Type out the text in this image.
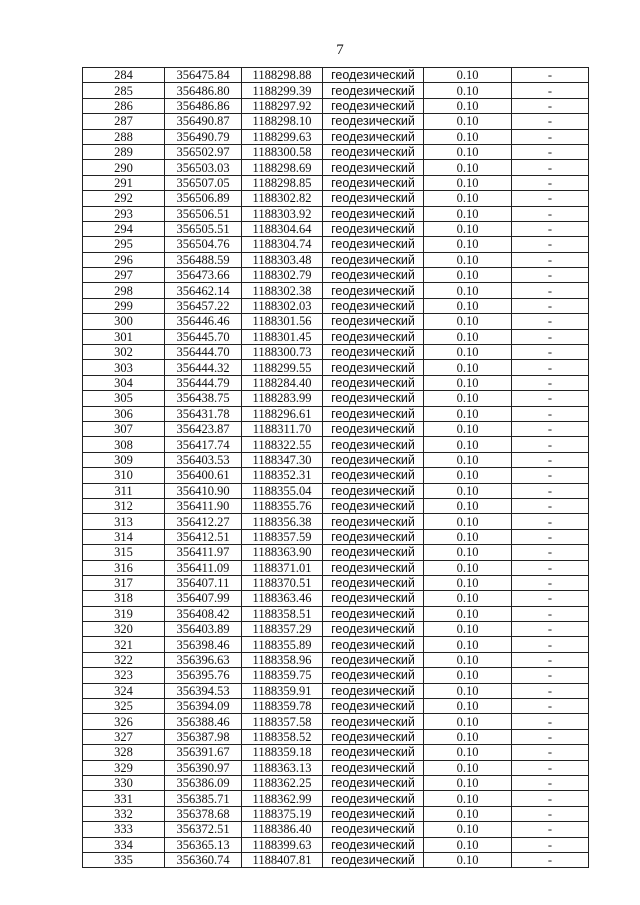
7
284	356475.84	1188298.88	геодезический	0.10	-
285	356486.80	1188299.39	геодезический	0.10	-
286	356486.86	1188297.92	геодезический	0.10	-
287	356490.87	1188298.10	геодезический	0.10	-
288	356490.79	1188299.63	геодезический	0.10	-
289	356502.97	1188300.58	геодезический	0.10	-
290	356503.03	1188298.69	геодезический	0.10	-
291	356507.05	1188298.85	геодезический	0.10	-
292	356506.89	1188302.82	геодезический	0.10	-
293	356506.51	1188303.92	геодезический	0.10	-
294	356505.51	1188304.64	геодезический	0.10	-
295	356504.76	1188304.74	геодезический	0.10	-
296	356488.59	1188303.48	геодезический	0.10	-
297	356473.66	1188302.79	геодезический	0.10	-
298	356462.14	1188302.38	геодезический	0.10	-
299	356457.22	1188302.03	геодезический	0.10	-
300	356446.46	1188301.56	геодезический	0.10	-
301	356445.70	1188301.45	геодезический	0.10	-
302	356444.70	1188300.73	геодезический	0.10	-
303	356444.32	1188299.55	геодезический	0.10	-
304	356444.79	1188284.40	геодезический	0.10	-
305	356438.75	1188283.99	геодезический	0.10	-
306	356431.78	1188296.61	геодезический	0.10	-
307	356423.87	1188311.70	геодезический	0.10	-
308	356417.74	1188322.55	геодезический	0.10	-
309	356403.53	1188347.30	геодезический	0.10	-
310	356400.61	1188352.31	геодезический	0.10	-
311	356410.90	1188355.04	геодезический	0.10	-
312	356411.90	1188355.76	геодезический	0.10	-
313	356412.27	1188356.38	геодезический	0.10	-
314	356412.51	1188357.59	геодезический	0.10	-
315	356411.97	1188363.90	геодезический	0.10	-
316	356411.09	1188371.01	геодезический	0.10	-
317	356407.11	1188370.51	геодезический	0.10	-
318	356407.99	1188363.46	геодезический	0.10	-
319	356408.42	1188358.51	геодезический	0.10	-
320	356403.89	1188357.29	геодезический	0.10	-
321	356398.46	1188355.89	геодезический	0.10	-
322	356396.63	1188358.96	геодезический	0.10	-
323	356395.76	1188359.75	геодезический	0.10	-
324	356394.53	1188359.91	геодезический	0.10	-
325	356394.09	1188359.78	геодезический	0.10	-
326	356388.46	1188357.58	геодезический	0.10	-
327	356387.98	1188358.52	геодезический	0.10	-
328	356391.67	1188359.18	геодезический	0.10	-
329	356390.97	1188363.13	геодезический	0.10	-
330	356386.09	1188362.25	геодезический	0.10	-
331	356385.71	1188362.99	геодезический	0.10	-
332	356378.68	1188375.19	геодезический	0.10	-
333	356372.51	1188386.40	геодезический	0.10	-
334	356365.13	1188399.63	геодезический	0.10	-
335	356360.74	1188407.81	геодезический	0.10	-
